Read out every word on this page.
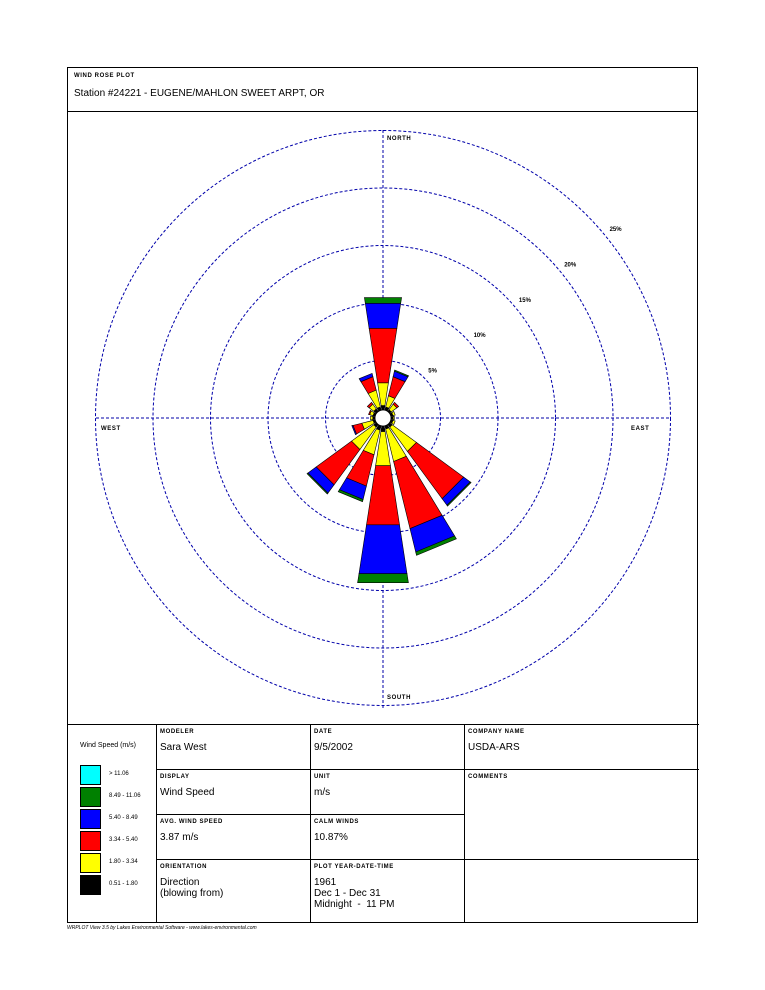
WIND ROSE PLOT
Station #24221 - EUGENE/MAHLON SWEET ARPT, OR
5%
10%
15%
20%
25%
NORTH
SOUTH
WEST	EAST
Wind Speed (m/s)
> 11.06
8.49 - 11.06
5.40 - 8.49
3.34 - 5.40
1.80 - 3.34
0.51 - 1.80
MODELER
Sara West
DATE
9/5/2002
COMPANY NAME
USDA-ARS
DISPLAY
Wind Speed
UNIT
m/s
COMMENTS
AVG. WIND SPEED
3.87 m/s
CALM WINDS
10.87%
ORIENTATION
Direction
(blowing from)
PLOT YEAR-DATE-TIME
1961
Dec 1 - Dec 31
Midnight  -  11 PM
WRPLOT View 3.5 by Lakes Environmental Software - www.lakes-environmental.com
